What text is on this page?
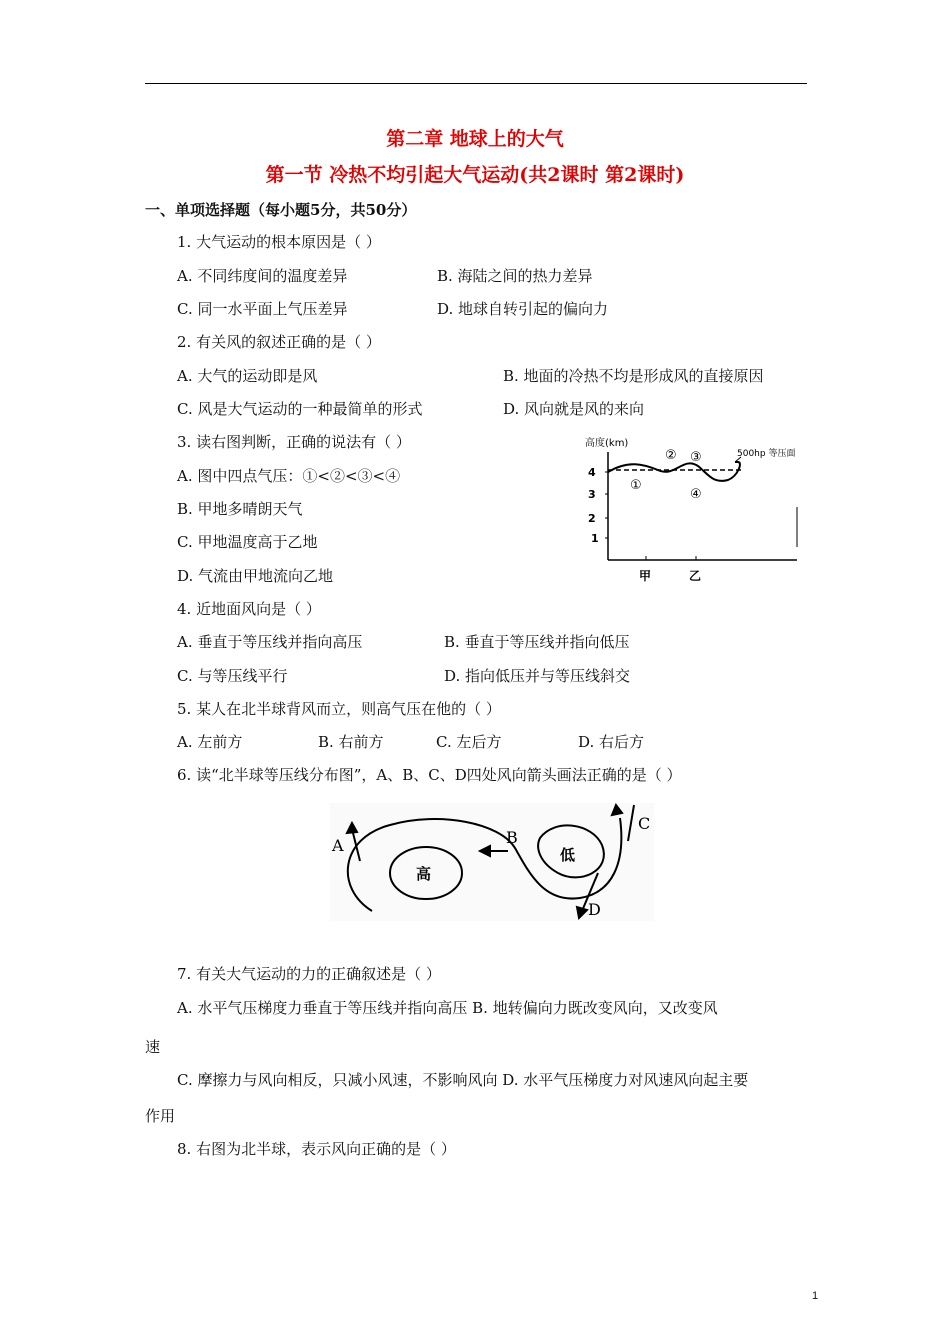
第二章 地球上的大气
第一节 冷热不均引起大气运动(共2课时 第2课时)
一、单项选择题（每小题5分，共50分）
1. 大气运动的根本原因是（ ）
A. 不同纬度间的温度差异	B. 海陆之间的热力差异
C. 同一水平面上气压差异	D. 地球自转引起的偏向力
2. 有关风的叙述正确的是（ ）
A. 大气的运动即是风	B. 地面的冷热不均是形成风的直接原因
C. 风是大气运动的一种最简单的形式	D. 风向就是风的来向
3. 读右图判断，正确的说法有（ ）
A. 图中四点气压：①<②<③<④
B. 甲地多晴朗天气
C. 甲地温度高于乙地
D. 气流由甲地流向乙地
高度(km)
4
3
2
1
500hp 等压面
①
② ③
④
甲	乙
4. 近地面风向是（ ）
A. 垂直于等压线并指向高压	B. 垂直于等压线并指向低压
C. 与等压线平行	D. 指向低压并与等压线斜交
5. 某人在北半球背风而立，则高气压在他的（ ）
A. 左前方	B. 右前方	C. 左后方	D. 右后方
6. 读“北半球等压线分布图”，A、B、C、D四处风向箭头画法正确的是（ ）
高
低
A	B
C
D
7. 有关大气运动的力的正确叙述是（ ）
A. 水平气压梯度力垂直于等压线并指向高压 B. 地转偏向力既改变风向，又改变风
速
C. 摩擦力与风向相反，只减小风速，不影响风向 D. 水平气压梯度力对风速风向起主要
作用
8. 右图为北半球，表示风向正确的是（ ）
1
